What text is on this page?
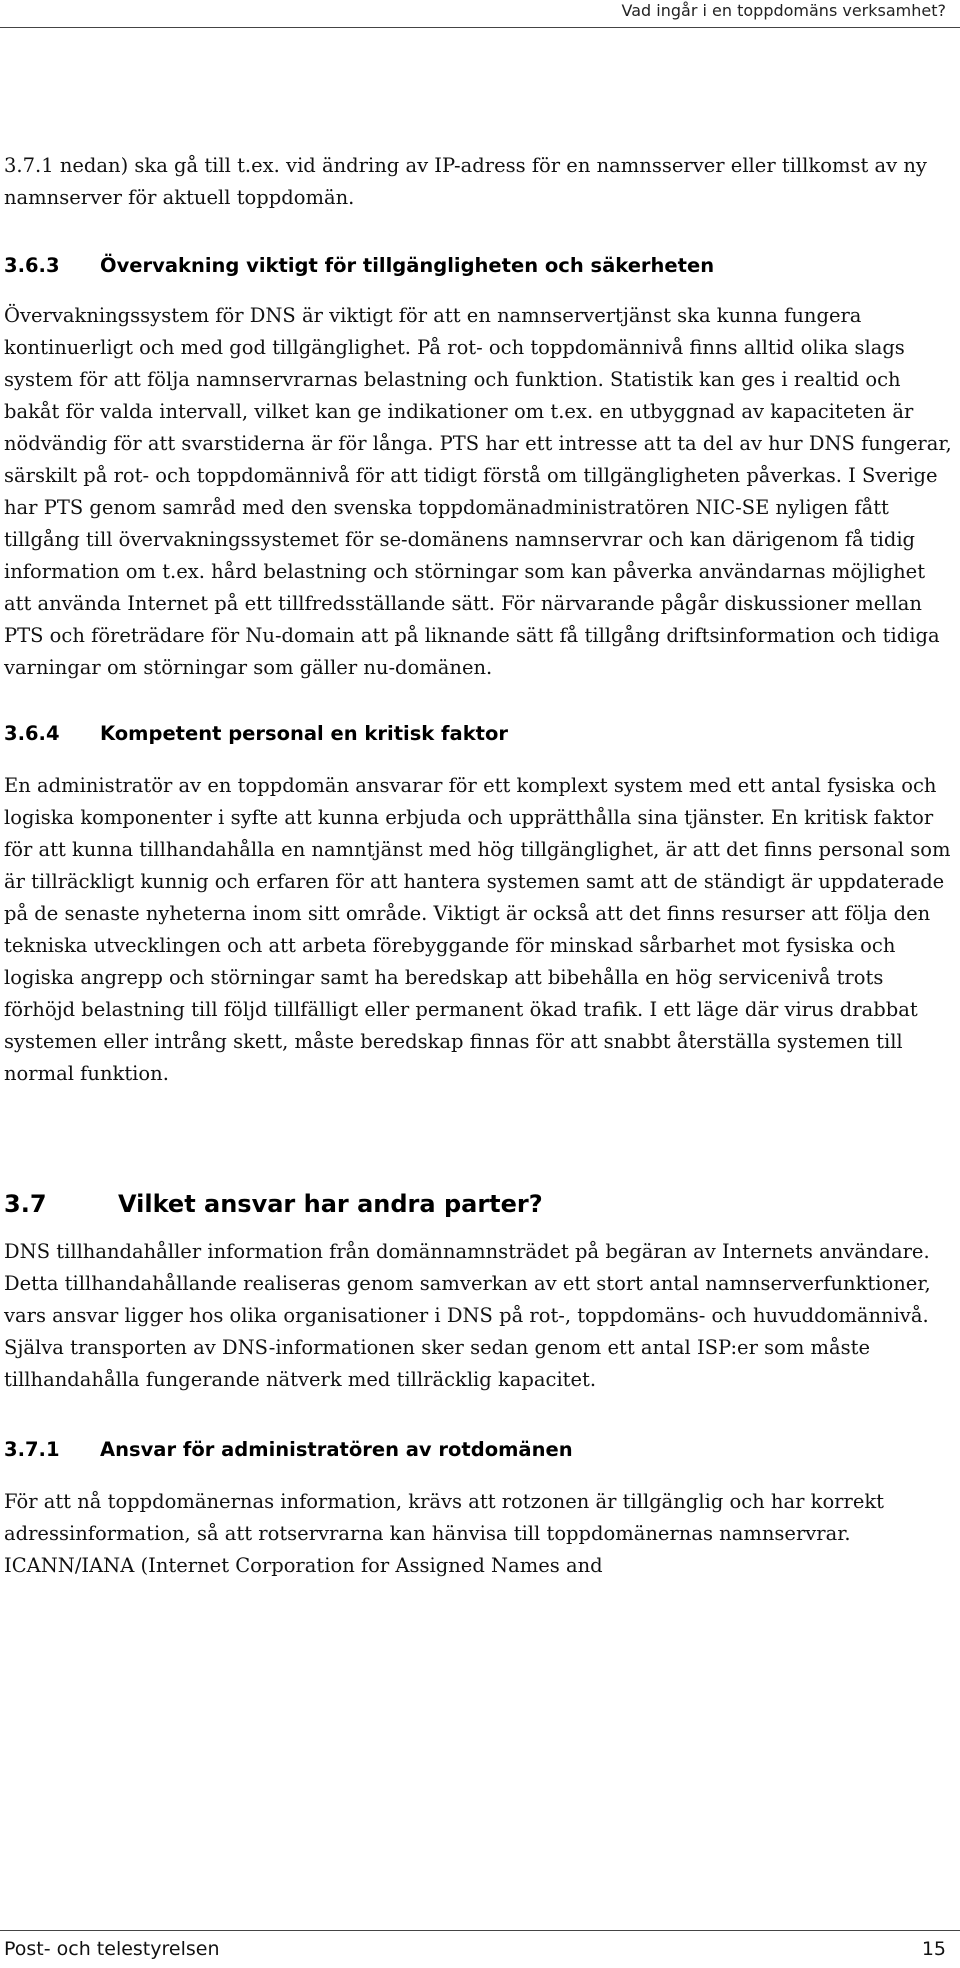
Vad ingår i en toppdomäns verksamhet?

3.7.1 nedan) ska gå till t.ex. vid ändring av IP-adress för en namnsserver eller tillkomst av ny namnserver för aktuell toppdomän.

3.6.3	Övervakning viktigt för tillgängligheten och säkerheten

Övervakningssystem för DNS är viktigt för att en namnservertjänst ska kunna fungera kontinuerligt och med god tillgänglighet. På rot- och toppdomännivå finns alltid olika slags system för att följa namnservrarnas belastning och funktion. Statistik kan ges i realtid och bakåt för valda intervall, vilket kan ge indikationer om t.ex. en utbyggnad av kapaciteten är nödvändig för att svarstiderna är för långa. PTS har ett intresse att ta del av hur DNS fungerar, särskilt på rot- och toppdomännivå för att tidigt förstå om tillgängligheten påverkas. I Sverige har PTS genom samråd med den svenska toppdomänadministratören NIC-SE nyligen fått tillgång till övervakningssystemet för se-domänens namnservrar och kan därigenom få tidig information om t.ex. hård belastning och störningar som kan påverka användarnas möjlighet att använda Internet på ett tillfredsställande sätt. För närvarande pågår diskussioner mellan PTS och företrädare för Nu-domain att på liknande sätt få tillgång driftsinformation och tidiga varningar om störningar som gäller nu-domänen.

3.6.4	Kompetent personal en kritisk faktor

En administratör av en toppdomän ansvarar för ett komplext system med ett antal fysiska och logiska komponenter i syfte att kunna erbjuda och upprätthålla sina tjänster. En kritisk faktor för att kunna tillhandahålla en namntjänst med hög tillgänglighet, är att det finns personal som är tillräckligt kunnig och erfaren för att hantera systemen samt att de ständigt är uppdaterade på de senaste nyheterna inom sitt område. Viktigt är också att det finns resurser att följa den tekniska utvecklingen och att arbeta förebyggande för minskad sårbarhet mot fysiska och logiska angrepp och störningar samt ha beredskap att bibehålla en hög servicenivå trots förhöjd belastning till följd tillfälligt eller permanent ökad trafik. I ett läge där virus drabbat systemen eller intrång skett, måste beredskap finnas för att snabbt återställa systemen till normal funktion.

3.7	Vilket ansvar har andra parter?

DNS tillhandahåller information från domännamnsträdet på begäran av Internets användare. Detta tillhandahållande realiseras genom samverkan av ett stort antal namnserverfunktioner, vars ansvar ligger hos olika organisationer i DNS på rot-, toppdomäns- och huvuddomännivå. Själva transporten av DNS-informationen sker sedan genom ett antal ISP:er som måste tillhandahålla fungerande nätverk med tillräcklig kapacitet.

3.7.1	Ansvar för administratören av rotdomänen

För att nå toppdomänernas information, krävs att rotzonen är tillgänglig och har korrekt adressinformation, så att rotservrarna kan hänvisa till toppdomänernas namnservrar. ICANN/IANA (Internet Corporation for Assigned Names and

Post- och telestyrelsen	15
